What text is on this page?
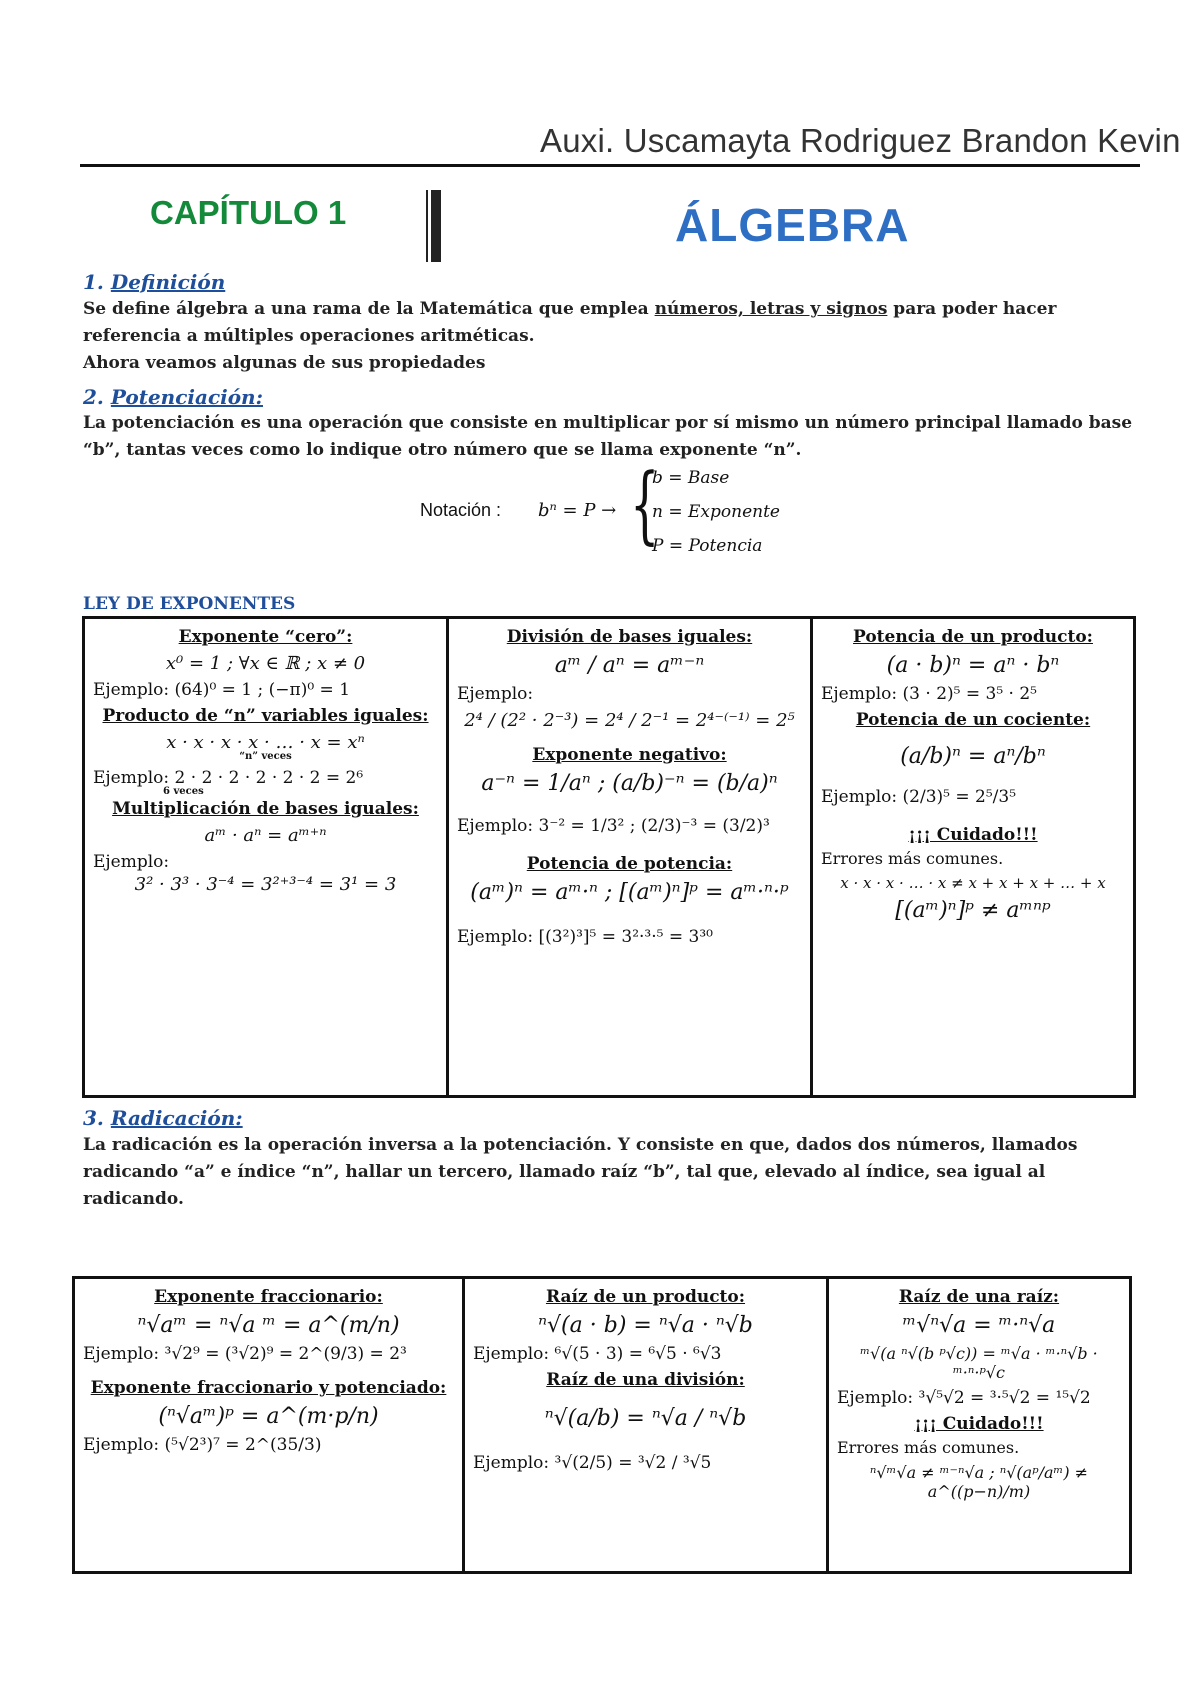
Auxi. Uscamayta Rodriguez Brandon Kevin
CAPÍTULO 1	ÁLGEBRA
1. Definición
Se define álgebra a una rama de la Matemática que emplea números, letras y signos para poder hacer referencia a múltiples operaciones aritméticas.
Ahora veamos algunas de sus propiedades
2. Potenciación:
La potenciación es una operación que consiste en multiplicar por sí mismo un número principal llamado base “b”, tantas veces como lo indique otro número que se llama exponente “n”.
Notación : bⁿ = P → {
b = Base
n = Exponente
P = Potencia
LEY DE EXPONENTES
Exponente “cero”:
x⁰ = 1 ; ∀x ∈ ℝ ; x ≠ 0
Ejemplo: (64)⁰ = 1 ; (−π)⁰ = 1
Producto de “n” variables iguales:
x · x · x · x · … · x = xⁿ
“n” veces
Ejemplo: 2 · 2 · 2 · 2 · 2 · 2 = 2⁶
6 veces
Multiplicación de bases iguales:
aᵐ · aⁿ = aᵐ⁺ⁿ
Ejemplo:
3² · 3³ · 3⁻⁴ = 3²⁺³⁻⁴ = 3¹ = 3
División de bases iguales:
aᵐ / aⁿ = aᵐ⁻ⁿ
Ejemplo:
2⁴ / (2² · 2⁻³) = 2⁴ / 2⁻¹ = 2⁴⁻⁽⁻¹⁾ = 2⁵
Exponente negativo:
a⁻ⁿ = 1/aⁿ ; (a/b)⁻ⁿ = (b/a)ⁿ
Ejemplo: 3⁻² = 1/3² ; (2/3)⁻³ = (3/2)³
Potencia de potencia:
(aᵐ)ⁿ = aᵐ·ⁿ ; [(aᵐ)ⁿ]ᵖ = aᵐ·ⁿ·ᵖ
Ejemplo: [(3²)³]⁵ = 3²·³·⁵ = 3³⁰
Potencia de un producto:
(a · b)ⁿ = aⁿ · bⁿ
Ejemplo: (3 · 2)⁵ = 3⁵ · 2⁵
Potencia de un cociente:
(a/b)ⁿ = aⁿ/bⁿ
Ejemplo: (2/3)⁵ = 2⁵/3⁵
¡¡¡ Cuidado!!!
Errores más comunes.
x · x · x · … · x ≠ x + x + x + … + x
[(aᵐ)ⁿ]ᵖ ≠ aᵐⁿᵖ
3. Radicación:
La radicación es la operación inversa a la potenciación. Y consiste en que, dados dos números, llamados radicando “a” e índice “n”, hallar un tercero, llamado raíz “b”, tal que, elevado al índice, sea igual al radicando.
Exponente fraccionario:
ⁿ√aᵐ = ⁿ√a ᵐ = a^(m/n)
Ejemplo: ³√2⁹ = (³√2)⁹ = 2^(9/3) = 2³
Exponente fraccionario y potenciado:
(ⁿ√aᵐ)ᵖ = a^(m·p/n)
Ejemplo: (⁵√2³)⁷ = 2^(35/3)
Raíz de un producto:
ⁿ√(a · b) = ⁿ√a · ⁿ√b
Ejemplo: ⁶√(5 · 3) = ⁶√5 · ⁶√3
Raíz de una división:
ⁿ√(a/b) = ⁿ√a / ⁿ√b
Ejemplo: ³√(2/5) = ³√2 / ³√5
Raíz de una raíz:
ᵐ√ⁿ√a = ᵐ·ⁿ√a
ᵐ√(a ⁿ√(b ᵖ√c)) = ᵐ√a · ᵐ·ⁿ√b · ᵐ·ⁿ·ᵖ√c
Ejemplo: ³√⁵√2 = ³·⁵√2 = ¹⁵√2
¡¡¡ Cuidado!!!
Errores más comunes.
ⁿ√ᵐ√a ≠ ᵐ⁻ⁿ√a ; ⁿ√(aᵖ/aᵐ) ≠ a^((p−n)/m)
